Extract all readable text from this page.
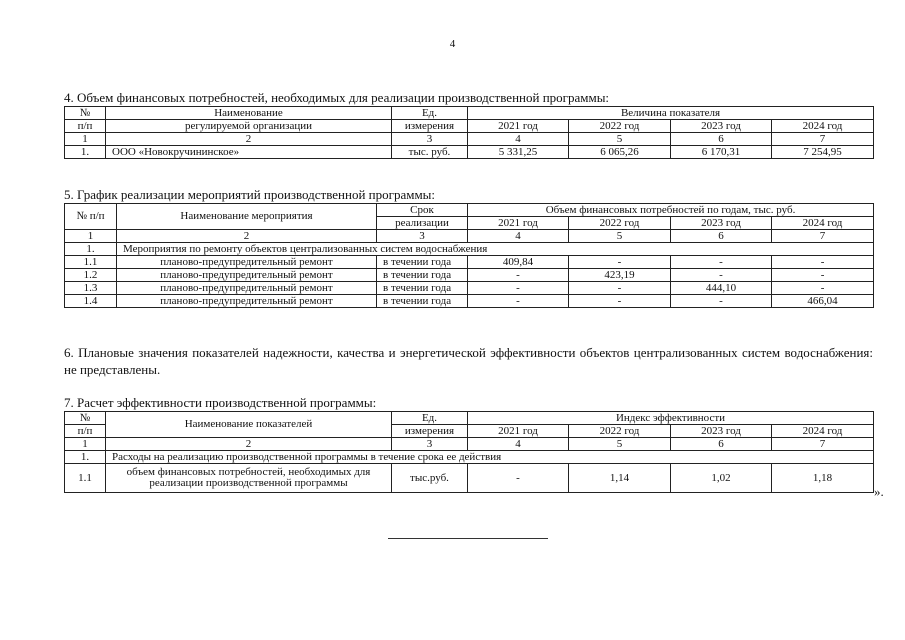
4
4. Объем финансовых потребностей, необходимых для реализации производственной программы:
№	Наименование	Ед.	Величина показателя			
п/п	регулируемой организации	измерения	2021 год	2022 год	2023 год	2024 год
1	2	3	4	5	6	7
1.	ООО «Новокручининское»	тыс. руб.	5 331,25	6 065,26	6 170,31	7 254,95
5. График реализации мероприятий производственной программы:
№ п/п	Наименование мероприятия	Срок	Объем финансовых потребностей по годам, тыс. руб.			
		реализации	2021 год	2022 год	2023 год	2024 год
1	2	3	4	5	6	7
1.	Мероприятия по ремонту объектов централизованных систем водоснабжения					
1.1	планово-предупредительный ремонт	в течении года	409,84	-	-	-
1.2	планово-предупредительный ремонт	в течении года	-	423,19	-	-
1.3	планово-предупредительный ремонт	в течении года	-	-	444,10	-
1.4	планово-предупредительный ремонт	в течении года	-	-	-	466,04
6. Плановые значения показателей надежности, качества и энергетической эффективности объектов централизованных систем водоснабжения: не представлены.
7. Расчет эффективности производственной программы:
№	Наименование показателей	Ед.	Индекс эффективности			
п/п		измерения	2021 год	2022 год	2023 год	2024 год
1	2	3	4	5	6	7
1.	Расходы на реализацию производственной программы в течение срока ее действия					
1.1	объем финансовых потребностей, необходимых для реализации производственной программы	тыс.руб.	-	1,14	1,02	1,18
».
